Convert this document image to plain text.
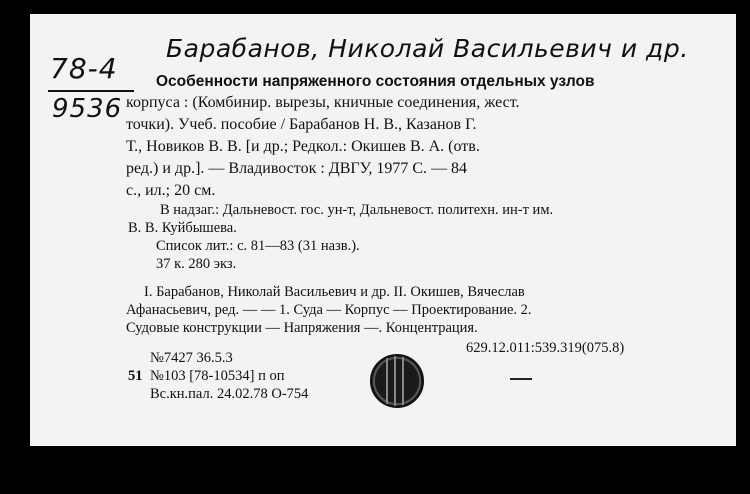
78-4
9536
Барабанов, Николай Васильевич и др.
Особенности напряженного состояния отдельных узлов
корпуса : (Комбинир. вырезы, кничные соединения, жест.
точки). Учеб. пособие / Барабанов Н. В., Казанов Г.
Т., Новиков В. В. [и др.; Редкол.: Окишев В. А. (отв.
ред.) и др.]. — Владивосток : ДВГУ, 1977 С. — 84
с., ил.; 20 см.
В надзаг.: Дальневост. гос. ун-т, Дальневост. политехн. ин-т им.
В. В. Куйбышева.
Список лит.: с. 81—83 (31 назв.).
37 к. 280 экз.
I. Барабанов, Николай Васильевич и др. II. Окишев, Вячеслав
Афанасьевич, ред. — — 1. Суда — Корпус — Проектирование. 2.
Судовые конструкции — Напряжения —. Концентрация.
629.12.011:539.319(075.8)
№7427 36.5.3
51 №103 [78-10534] п оп
Вс.кн.пал. 24.02.78 О-754
